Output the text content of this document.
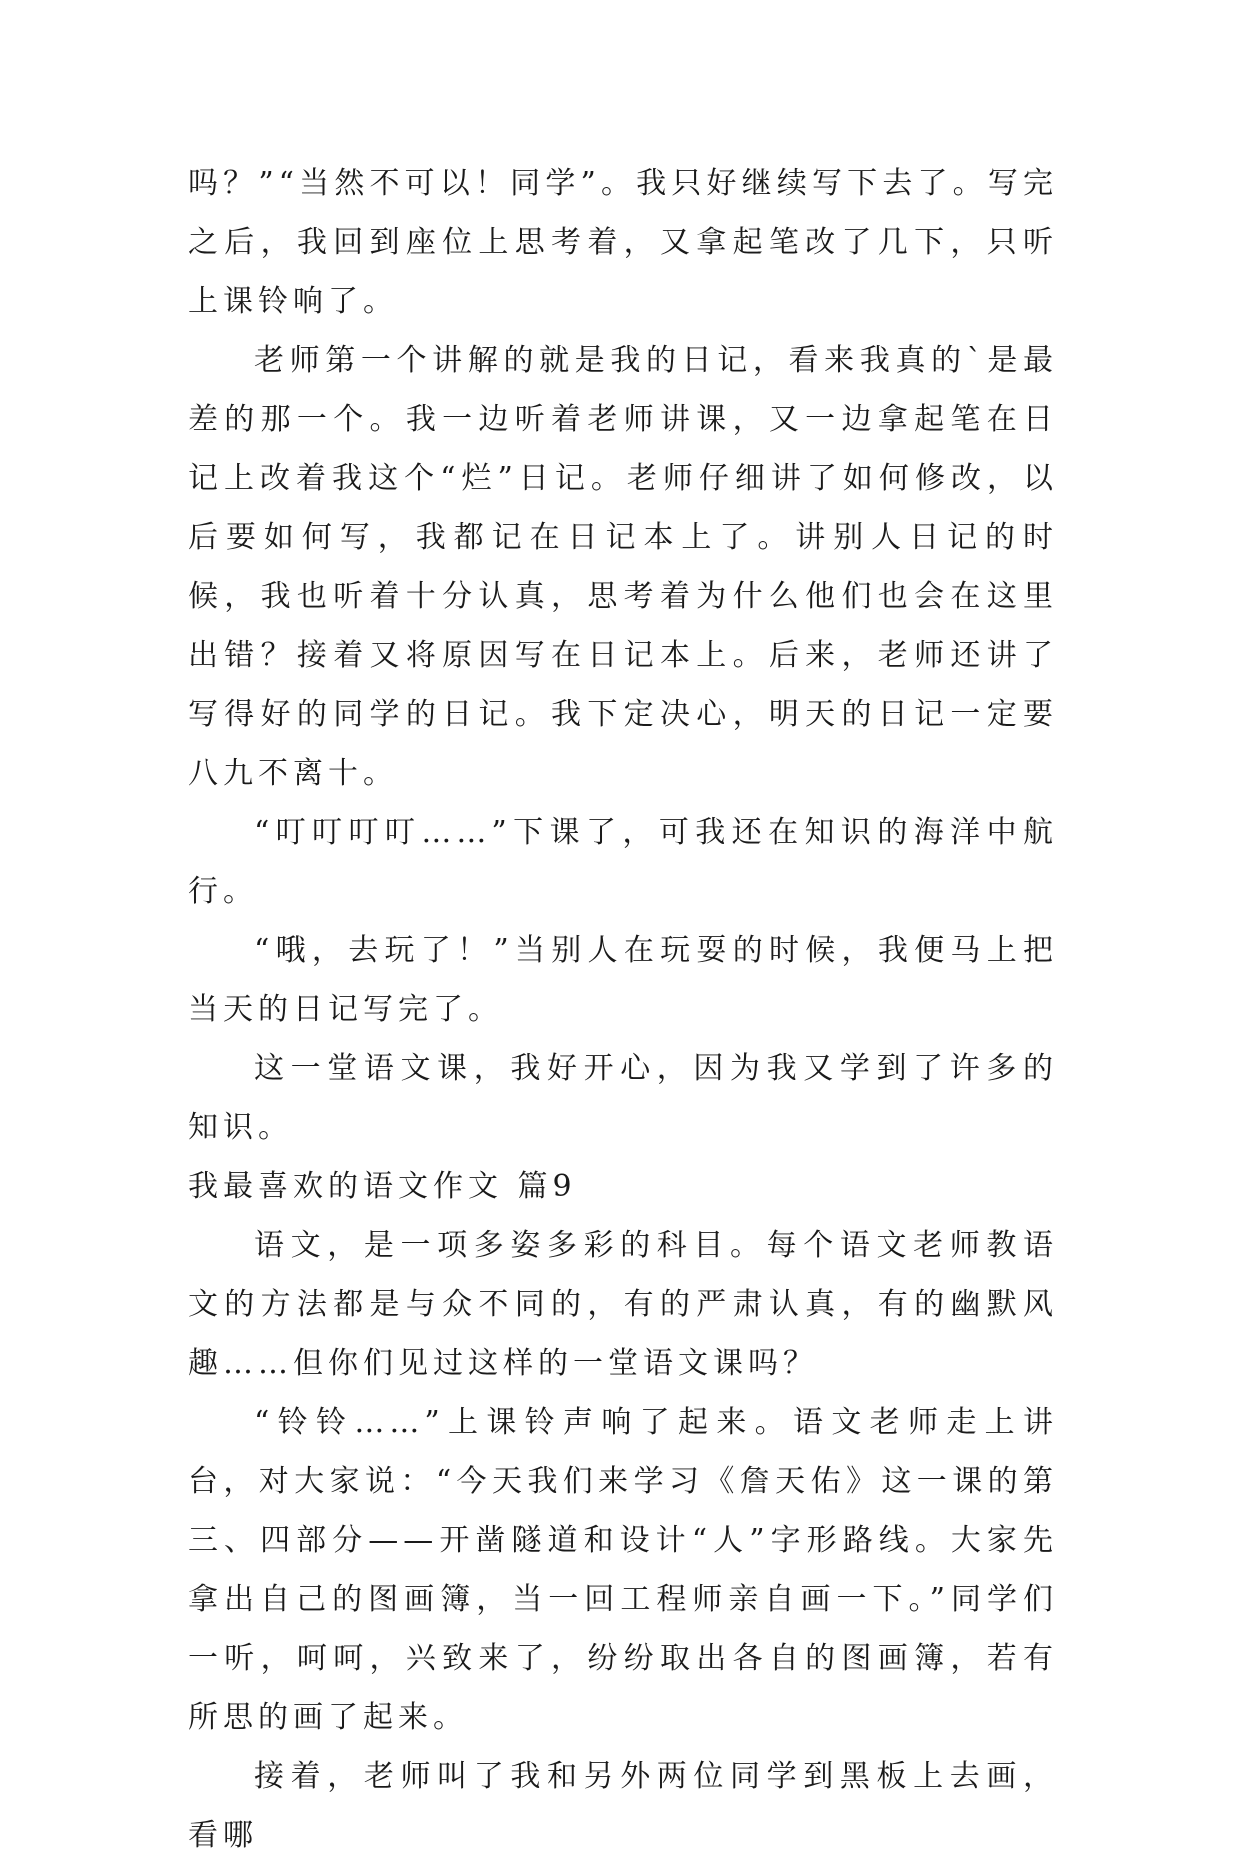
吗？”“当然不可以！同学”。我只好继续写下去了。写完之后，我回到座位上思考着，又拿起笔改了几下，只听上课铃响了。

老师第一个讲解的就是我的日记，看来我真的`是最差的那一个。我一边听着老师讲课，又一边拿起笔在日记上改着我这个“烂”日记。老师仔细讲了如何修改，以后要如何写，我都记在日记本上了。讲别人日记的时候，我也听着十分认真，思考着为什么他们也会在这里出错？接着又将原因写在日记本上。后来，老师还讲了写得好的同学的日记。我下定决心，明天的日记一定要八九不离十。

“叮叮叮叮……”下课了，可我还在知识的海洋中航行。

“哦，去玩了！”当别人在玩耍的时候，我便马上把当天的日记写完了。

这一堂语文课，我好开心，因为我又学到了许多的知识。

我最喜欢的语文作文 篇9

语文，是一项多姿多彩的科目。每个语文老师教语文的方法都是与众不同的，有的严肃认真，有的幽默风趣……但你们见过这样的一堂语文课吗？

“铃铃……”上课铃声响了起来。语文老师走上讲台，对大家说：“今天我们来学习《詹天佑》这一课的第三、四部分——开凿隧道和设计“人”字形路线。大家先拿出自己的图画簿，当一回工程师亲自画一下。”同学们一听，呵呵，兴致来了，纷纷取出各自的图画簿，若有所思的画了起来。

接着，老师叫了我和另外两位同学到黑板上去画，看哪
